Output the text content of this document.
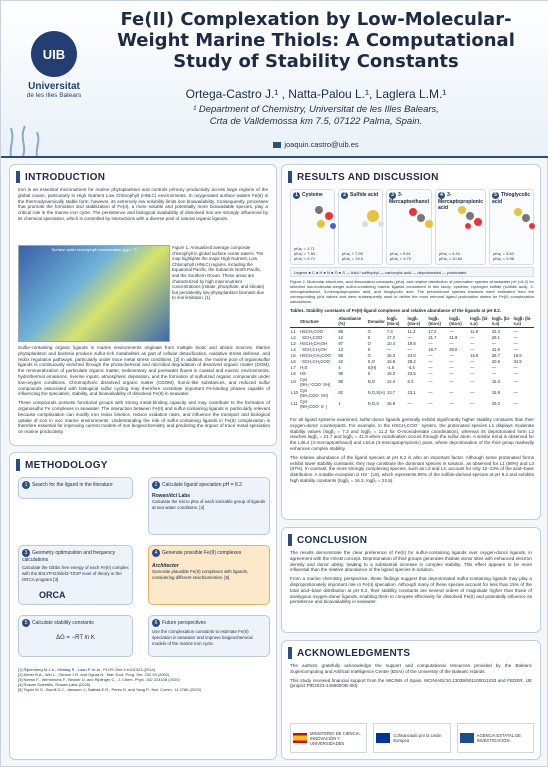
UIB
Universitat
de les Illes Balears
Fe(II) Complexation by Low-Molecular-Weight Marine Thiols: A Computational Study of Stability Constants
Ortega-Castro J.¹ , Natta-Palou L.¹, Laglera L.M.¹
¹ Department of Chemistry, Universitat de les Illes Balears,
Crta de Valldemossa km 7.5, 07122 Palma, Spain.
joaquin.castro@uib.es
INTRODUCTION

Iron is an essential micronutrient for marine phytoplankton and controls primary productivity across large regions of the global ocean, particularly in High Nutrient Low Chlorophyll (HNLC) environments. In oxygenated surface waters Fe(II) is the thermodynamically stable form; however, its extremely low solubility limits iron bioavailability. Consequently, processes that promote the formation and stabilization of Fe(II), a more soluble and potentially more bioavailable species, play a critical role in the marine iron cycle. The persistence and biological availability of dissolved iron are strongly influenced by its chemical speciation, which is controlled by interactions with a diverse pool of natural organic ligands.

Surface water chlorophyll concentration (μg L⁻¹)	Figure 1. Annualized average composite chlorophyll in global surface ocean waters. The map highlights the major High Nutrient, Low Chlorophyll (HNLC) regions, including the Equatorial Pacific, the Subarctic North Pacific, and the Southern Ocean. These areas are characterized by high macronutrient concentrations (nitrate, phosphate, and silicate) but persistently low phytoplankton biomass due to iron limitation. [1]

Sulfur-containing organic ligands in marine environments originate from multiple biotic and abiotic sources. Marine phytoplankton and bacteria produce sulfur-rich metabolites as part of cellular detoxification, oxidative stress defense, and redox regulation pathways, particularly under trace metal stress conditions. [2] In addition, the marine pool of organosulfur ligands is continuously enriched through the photochemical and microbial degradation of dissolved organic matter (DOM), the remineralization of particulate organic matter, sedimentary and porewater fluxes in coastal and euxinic environments, hydrothermal emissions, riverine inputs, atmospheric deposition, and the formation of sulfurized organic compounds under low-oxygen conditions. Chromophoric dissolved organic matter (CDOM), humic-like substances, and reduced sulfur compounds associated with biological sulfur cycling may therefore constitute important Fe-binding phases capable of influencing the speciation, stability, and bioavailability of dissolved Fe(II) in seawater.

These compounds possess functional groups with strong metal-binding capacity and may contribute to the formation of organosulfur Fe complexes in seawater. The interaction between Fe(II) and sulfur-containing ligands is particularly relevant because complexation can modify iron redox kinetics, reduce oxidation rates, and influence the transport and biological uptake of iron in oxic marine environments. Understanding the role of sulfur-containing ligands in Fe(II) complexation is therefore essential for improving current models of iron biogeochemistry and predicting the impact of trace metal speciation on marine productivity.

METHODOLOGY
1 Search for the ligand in the literature	2 Calculate ligand speciation pH = 8.2
Rowan/dci Labs
Calculate the micro pKa of each ionizable group of ligands at sea water conditions. [4]
3 Geometry optimization and frequency calculations
Calculate the Gibbs free energy of each Fe(II) complex with the B3LYP-D3/def2-TZVP level of theory in the ORCA program [3]
ORCA
4 Generate possible Fe(II) complexes
Architector
Generate plausible Fe(II) complexes with ligands, considering different stoichiometries. [5]
5 Calculate stability constants
ΔG = −RT ln K
6 Future perspectives
Use the complexation constants to estimate Fe(II) speciation in seawater and improve biogeochemical models of the marine iron cycle.
[1] Rijkenberg M.J.A., Middag R., Laan P. et al., PLOS One 9 e101323 (2014)
[2] Ahner B.A., Wei L., Oleson J.R. and Ogura N., Mar. Ecol. Prog. Ser. 232 93 (2002)
[3] Neese F., Wennmohs F., Becker U. and Riplinger C., J. Chem. Phys. 152 224108 (2020)
[4] Rowan Scientific, Rowan Labs (2025)
[5] Taylor M.G., Burrill D.J., Janssen J., Batista E.R., Perez D. and Yang P., Nat. Comm. 14 2786 (2023)
RESULTS AND DISCUSSION
1 Cysteine
pKa₁ = 1.71
pKa₂ = 7.84
pKa₃ = 9.71
2 Sulfide acid
pKa₁ = 7.05
pKa₂ = 19.0
3 3-Mercaptoethanol
pKa₁ = 9.61
pKa₂ = 9.72
4 3-Mercaptopropionic acid
pKa₁ = 4.34
pKa₂ = 10.84
5 Thioglycolic acid
pKa₁ = 3.60
pKa₂ = 9.98
Legend ● C ● H ● N ● O ● S — thiol / sulfhydryl — carboxylic acid — deprotonated — protonated
Figure 2. Molecular structures, acid dissociation constants (pKa), and relative distribution of protonation species at seawater pH (≈8.2) for selected low-molecular-weight sulfur-containing marine ligands considered in this study: cysteine, hydrogen sulfide (sulfidic acid), 2-mercaptoethanol, 3-mercaptopropionic acid, and thioglycolic acid. The predominant species fractions were estimated from the corresponding pKa values and were subsequently used to define the most relevant ligand protonation states for Fe(II) complexation calculations.
Table1. Stability constants of Fe(II)-ligand complexes and relative abundance of the ligands at pH 8.2.
	Structure	Abundance (%)	Donador	logβ₁ (ma-s)	logβ₂ (ma-s)	logβ₃ (ma-s)	logβ₄ (ma-s)	logβ₅ (bi-s,o)	logβ₆ (bi-s,o)	logβ₇ (bi-s,o)
L1	HSCH₂COO⁻	88	O	7.3	11.2	17.2	—	11.8	22.4	—
L2	⁻SCH₂COO⁻	12	S	17.2	—	21.7	41.9	—	28.1	—
L3	HSCH₂CH₂OH	87	O	10.4	19.8	—	—	—	—	—
L4	⁻SCH₂CH₂OH	13	S	—	—	16.7	26.0	—	41.9	—
L5	HSCH₂CH₂COO⁻	58	O	16.3	24.0	—	—	15.8	28.7	16.9
L6	⁻SCH₂CH₂COO⁻	42	S,O	16.8	28.2	—	—	—	20.6	34.9
L7	H₂S	4	S(H)	-1.5	-4.4	—	—	—	—	—
L8	HS⁻	96	S	16.3	23.5	—	—	—	—	—
L9	Cys (NH₃⁺COO⁻SH)	88	N,O	12.4	6.3	—	—	—	15.3	—
L10	Cys (NH₂COO⁻SH)	82	N,O,S(H)	13.7	23.1	—	—	—	15.9	—
L11	Cys⁻ (NH₂COO⁻S⁻)	1	N,O,S	16.9	—	—	—	—	29.3	—

For all ligand systems examined, sulfur-donor ligands generally exhibit significantly higher stability constants than their oxygen-donor counterparts. For example, in the HSCH₂COO⁻ system, the protonated species L1 displays moderate stability values (logβ₁ = 7.3 and logβ₂ = 11.2 for O-monodentate coordination), whereas its deprotonated form L2 reaches logβ₁ = 21.7 and logβ₂ = 41.9 when coordination occurs through the sulfur atom. A similar trend is observed for the L3/L4 (2-mercaptoethanol) and L5/L6 (3-mercaptopropionic) pairs, where deprotonation of the thiol group markedly enhances complex stability.

The relative abundance of the ligand species at pH 8.2 is also an important factor. Although some protonated forms exhibit lower stability constants, they may constitute the dominant species in solution, as observed for L1 (88%) and L3 (87%). In contrast, the more strongly complexing species, such as L2 and L4, account for only 12–13% of the acid–base distribution. A notable exception is HS⁻ (L8), which represents 96% of the sulfide-derived species at pH 8.2 and exhibits high stability constants (logβ₁ = 16.3, logβ₂ = 23.5).

CONCLUSION

The results demonstrate the clear preference of Fe(II) for sulfur-containing ligands over oxygen-donor ligands, in agreement with the HSAB concept. Deprotonation of thiol groups generates thiolate donor sites with enhanced electron density and donor ability, leading to a substantial increase in complex stability. This effect appears to be more influential than the relative abundance of the ligand species in solution.

From a marine chemistry perspective, these findings suggest that deprotonated sulfur-containing ligands may play a disproportionately important role in Fe(II) speciation. Although many of these species account for less than 15% of the total acid–base distribution at pH 8.2, their stability constants are several orders of magnitude higher than those of analogous oxygen-donor ligands, enabling them to compete effectively for dissolved Fe(II) and potentially influence its persistence and bioavailability in seawater.

ACKNOWLEDGMENTS

The authors gratefully acknowledge the support and computational resources provided by the Balearic Supercomputing and Artificial Intelligence Center (BSAI) of the University of the Balearic Islands.

This study received financial support from the MICINN of Spain, MCIN/AEI/10.13039/501100011033 and FEDER, UE (project PID2023-146860OB-I00).

MINISTERIO DE CIENCIA, INNOVACIÓN Y UNIVERSIDADES
Cofinanciado por la Unión Europea
AGENCIA ESTATAL DE INVESTIGACIÓN
